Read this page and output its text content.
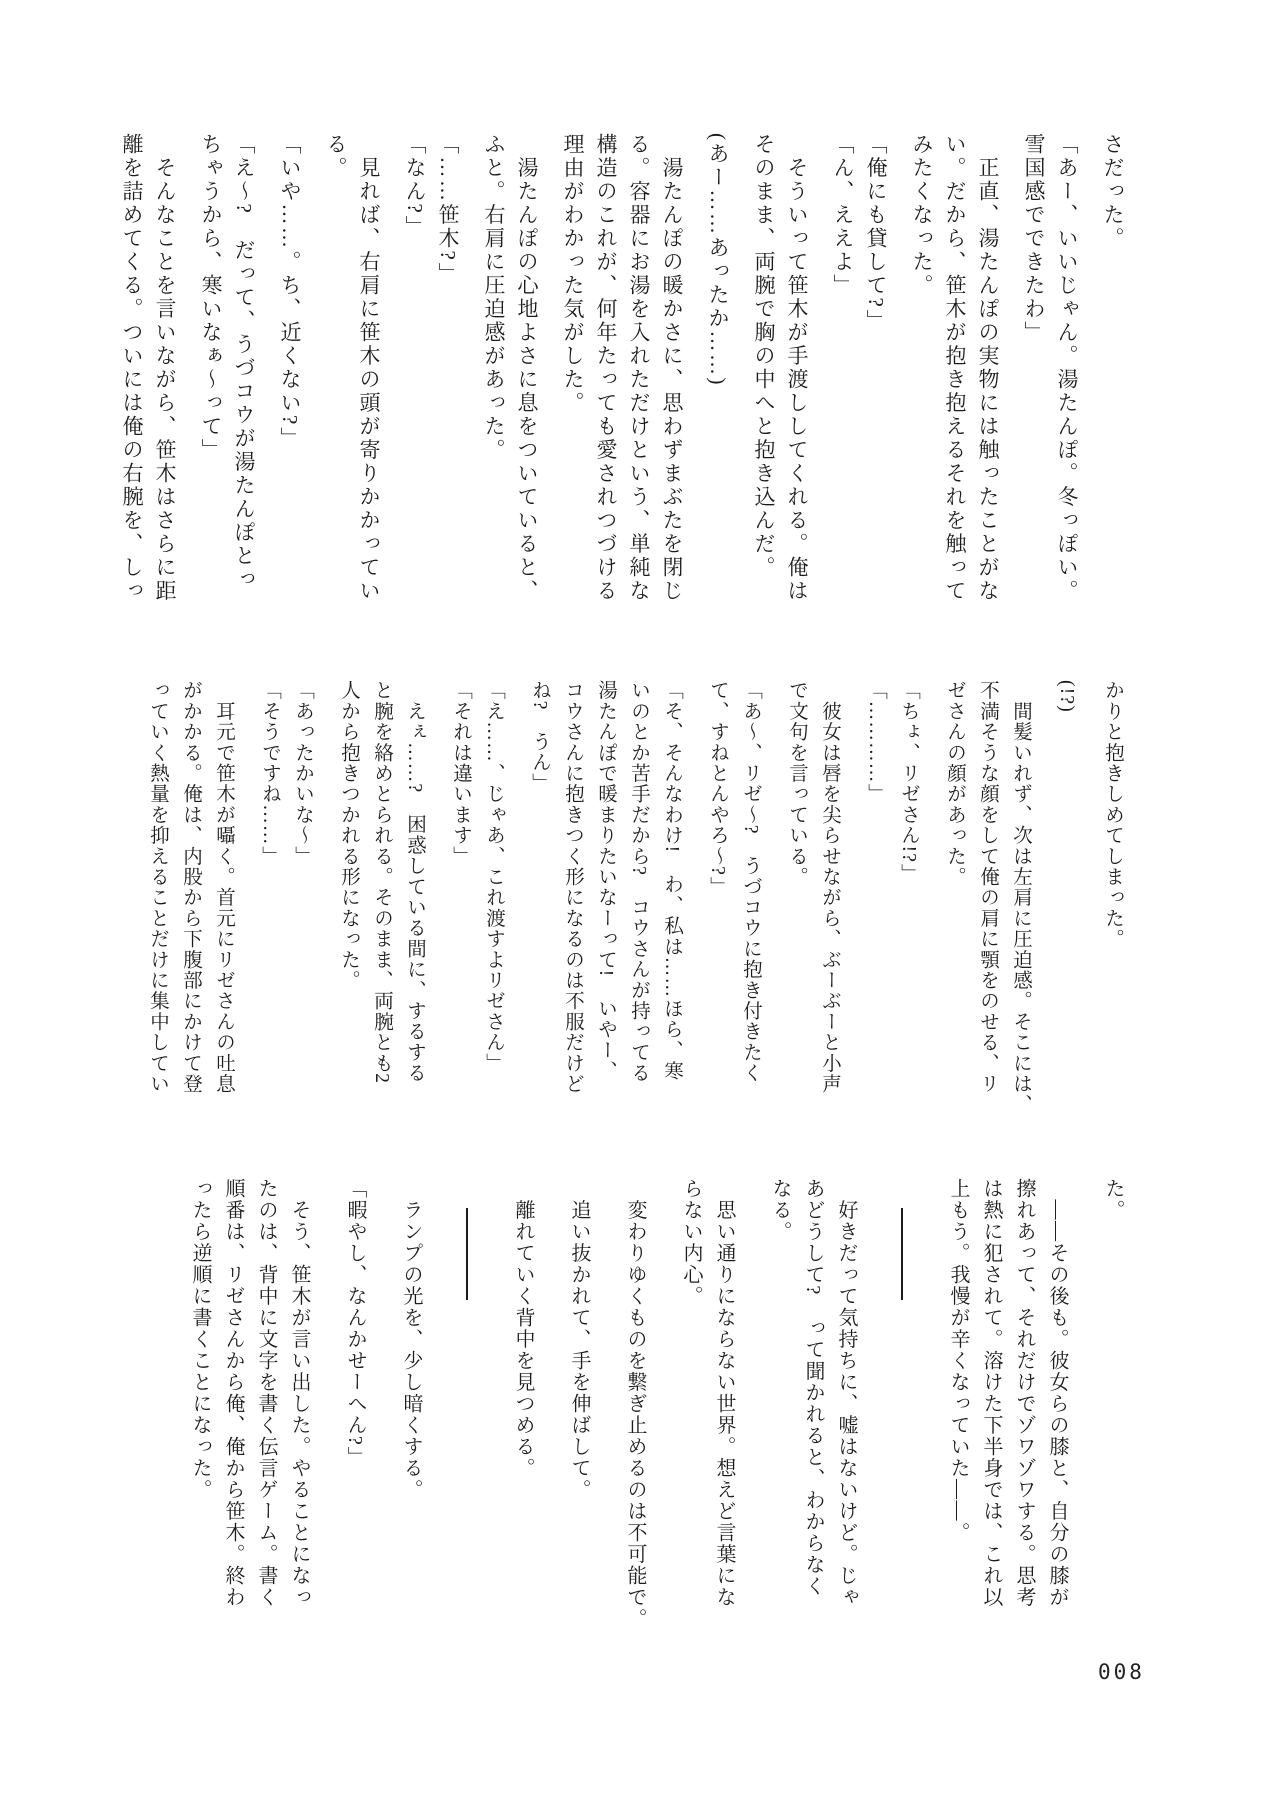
さだった。
「あー、いいじゃん。湯たんぽ。冬っぽい。
雪国感でできたわ」
　正直、湯たんぽの実物には触ったことがな
い。だから、笹木が抱き抱えるそれを触って
みたくなった。
「俺にも貸して?」
「ん、ええよ」
　そういって笹木が手渡ししてくれる。俺は
そのまま、両腕で胸の中へと抱き込んだ。
(あー……あったか……)
　湯たんぽの暖かさに、思わずまぶたを閉じ
る。容器にお湯を入れただけという、単純な
構造のこれが、何年たっても愛されつづける
理由がわかった気がした。
　湯たんぽの心地よさに息をついていると、
ふと。右肩に圧迫感があった。
「……笹木?」
「なん?」
　見れば、右肩に笹木の頭が寄りかかってい
る。
「いや……。ち、近くない?」
「え〜?　だって、うづコウが湯たんぽとっ
ちゃうから、寒いなぁ〜って」
　そんなことを言いながら、笹木はさらに距
離を詰めてくる。ついには俺の右腕を、しっ
かりと抱きしめてしまった。
(!?)
　間髪いれず、次は左肩に圧迫感。そこには、
不満そうな顔をして俺の肩に顎をのせる、リ
ゼさんの顔があった。
「ちょ、リゼさん!?」
「…………」
　彼女は唇を尖らせながら、ぶーぶーと小声
で文句を言っている。
「あ〜、リゼ〜?　うづコウに抱き付きたく
て、すねとんやろ〜?」
「そ、そんなわけ!　わ、私は……ほら、寒
いのとか苦手だから?　コウさんが持ってる
湯たんぽで暖まりたいなーって!　いやー、
コウさんに抱きつく形になるのは不服だけど
ね?　うん」
「え……、じゃあ、これ渡すよリゼさん」
「それは違います」
　えぇ……?　困惑している間に、するする
と腕を絡めとられる。そのまま、両腕とも2
人から抱きつかれる形になった。
「あったかいな〜」
「そうですね……」
　耳元で笹木が囁く。首元にリゼさんの吐息
がかかる。俺は、内股から下腹部にかけて登
っていく熱量を抑えることだけに集中してい
た。
　――その後も。彼女らの膝と、自分の膝が
擦れあって、それだけでゾワゾワする。思考
は熱に犯されて。溶けた下半身では、これ以
上もう。我慢が辛くなっていた――。
　好きだって気持ちに、嘘はないけど。じゃ
あどうして?　って聞かれると、わからなく
なる。
　思い通りにならない世界。想えど言葉にな
らない内心。
　変わりゆくものを繋ぎ止めるのは不可能で。
　追い抜かれて、手を伸ばして。
　離れていく背中を見つめる。
　ランプの光を、少し暗くする。
「暇やし、なんかせーへん?」
　そう、笹木が言い出した。やることになっ
たのは、背中に文字を書く伝言ゲーム。書く
順番は、リゼさんから俺、俺から笹木。終わ
ったら逆順に書くことになった。
008
